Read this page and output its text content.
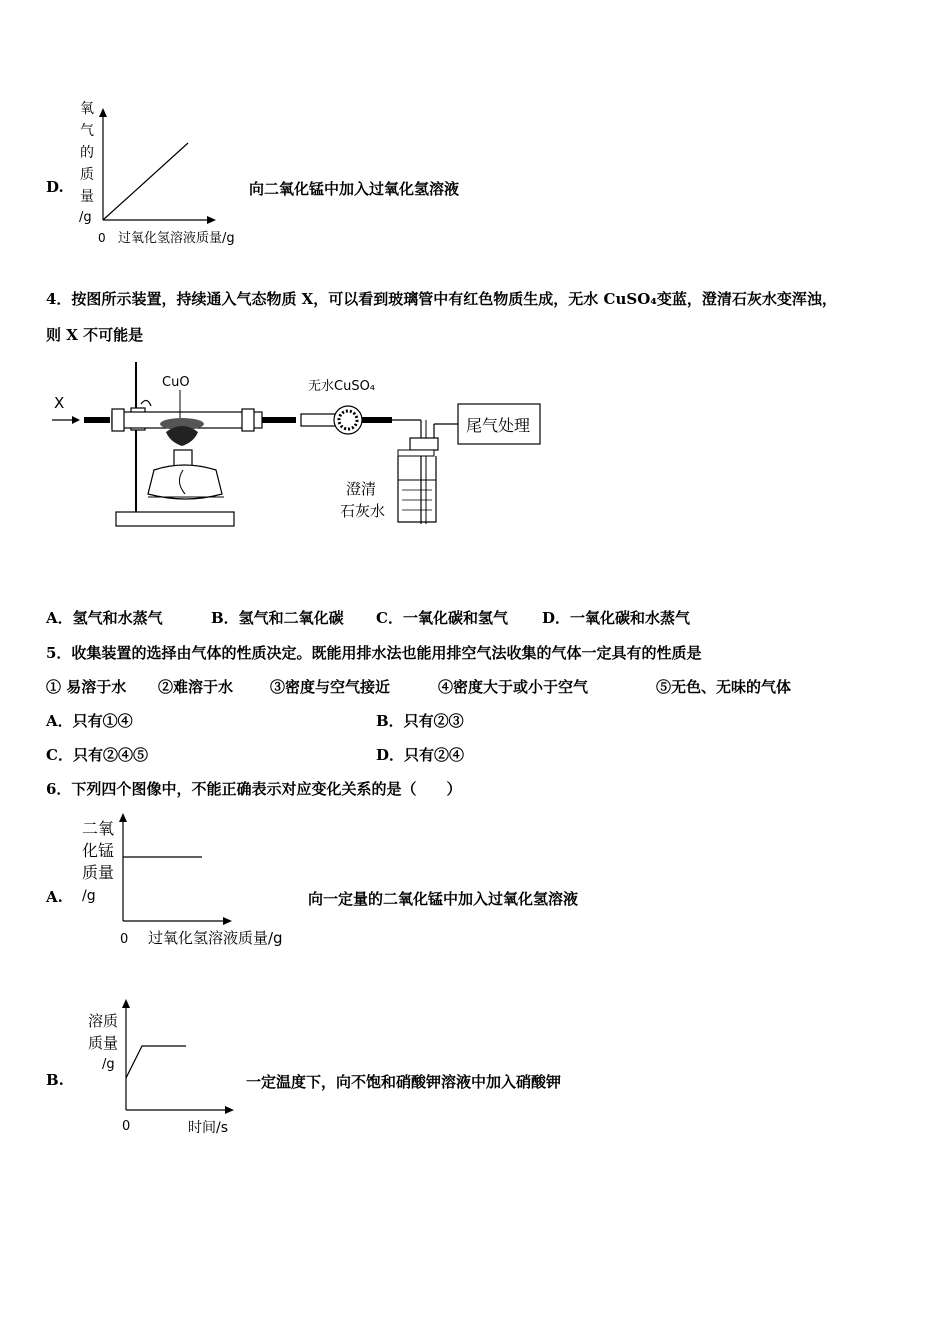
D.
氧
气
的
质
量
/g
0 过氧化氢溶液质量/g
向二氧化锰中加入过氧化氢溶液
4．按图所示装置，持续通入气态物质 X，可以看到玻璃管中有红色物质生成，无水 CuSO₄变蓝，澄清石灰水变浑浊，
则 X 不可能是
X
CuO	无水CuSO₄
尾气处理
澄清
石灰水
A．氢气和水蒸气	B．氢气和二氧化碳 C．一氧化碳和氢气 D．一氧化碳和水蒸气
5．收集装置的选择由气体的性质决定。既能用排水法也能用排空气法收集的气体一定具有的性质是
① 易溶于水 ②难溶于水 ③密度与空气接近	④密度大于或小于空气	⑤无色、无味的气体
A．只有①④	B．只有②③
C．只有②④⑤	D．只有②④
6．下列四个图像中，不能正确表示对应变化关系的是（　　）
A.
二氧
化锰
质量
/g
0 过氧化氢溶液质量/g
向一定量的二氧化锰中加入过氧化氢溶液
B.
溶质
质量
/g
0	时间/s
一定温度下，向不饱和硝酸钾溶液中加入硝酸钾
